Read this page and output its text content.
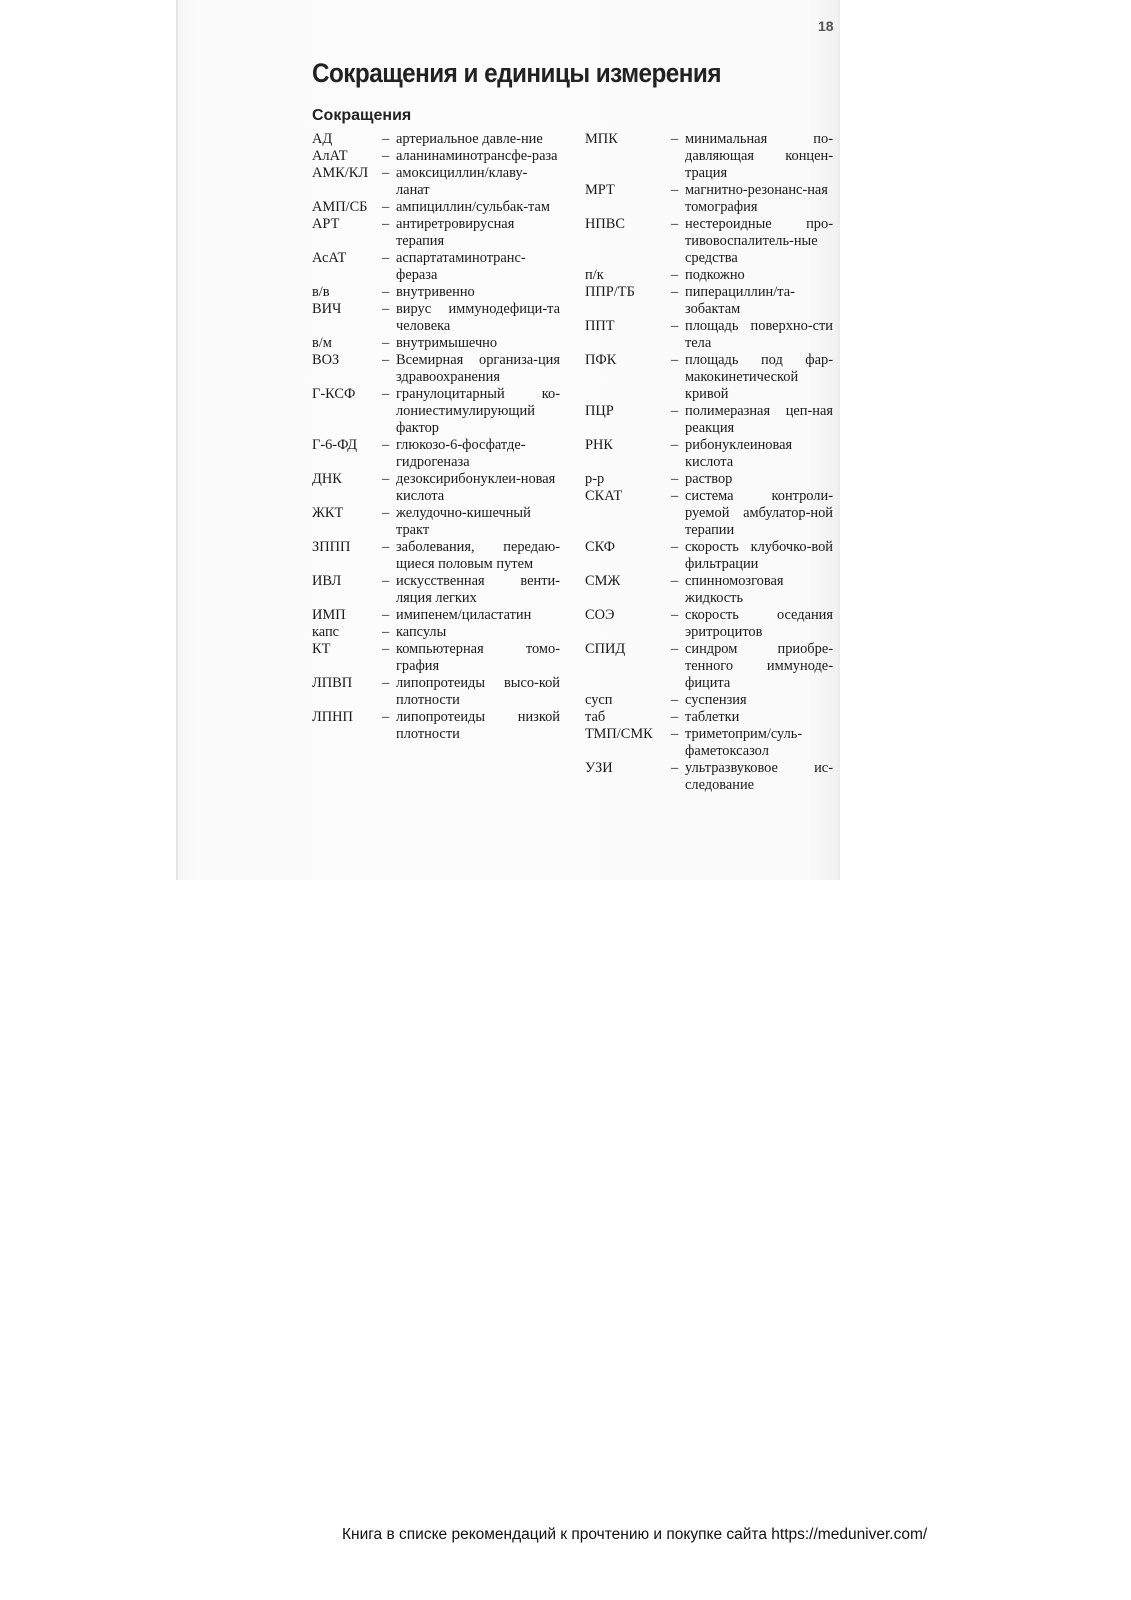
18
Сокращения и единицы измерения
Сокращения
АД	– артериальное давле-ние
АлАТ	– аланинаминотрансфе-раза
АМК/КЛ – амоксициллин/клаву-ланат
АМП/СБ	– ампициллин/сульбак-там
АРТ	– антиретровирусная терапия
АсАТ	– аспартатаминотранс-фераза
в/в	– внутривенно
ВИЧ	– вирус иммунодефици-та человека
в/м	– внутримышечно
ВОЗ	– Всемирная организа-ция здравоохранения
Г-КСФ	– гранулоцитарный ко-лониестимулирующий фактор
Г-6-ФД	– глюкозо-6-фосфатде-гидрогеназа
ДНК	– дезоксирибонуклеи-новая кислота
ЖКТ	– желудочно-кишечный тракт
ЗППП	– заболевания, передаю-щиеся половым путем
ИВЛ	– искусственная венти-ляция легких
ИМП	– имипенем/циластатин
капс	– капсулы
КТ	– компьютерная томо-графия
ЛПВП	– липопротеиды высо-кой плотности
ЛПНП	– липопротеиды низкой плотности
МПК	– минимальная по-давляющая концен-трация
МРТ	– магнитно-резонанс-ная томография
НПВС	– нестероидные про-тивовоспалитель-ные средства
п/к	– подкожно
ППР/ТБ	– пиперациллин/та-зобактам
ППТ	– площадь поверхно-сти тела
ПФК	– площадь под фар-макокинетической кривой
ПЦР	– полимеразная цеп-ная реакция
РНК	– рибонуклеиновая кислота
р-р	– раствор
СКАТ	– система контроли-руемой амбулатор-ной терапии
СКФ	– скорость клубочко-вой фильтрации
СМЖ	– спинномозговая жидкость
СОЭ	– скорость оседания эритроцитов
СПИД	– синдром приобре-тенного иммуноде-фицита
сусп	– суспензия
таб	– таблетки
ТМП/СМК	– триметоприм/суль-фаметоксазол
УЗИ	– ультразвуковое ис-следование
Книга в списке рекомендаций к прочтению и покупке сайта https://meduniver.com/
